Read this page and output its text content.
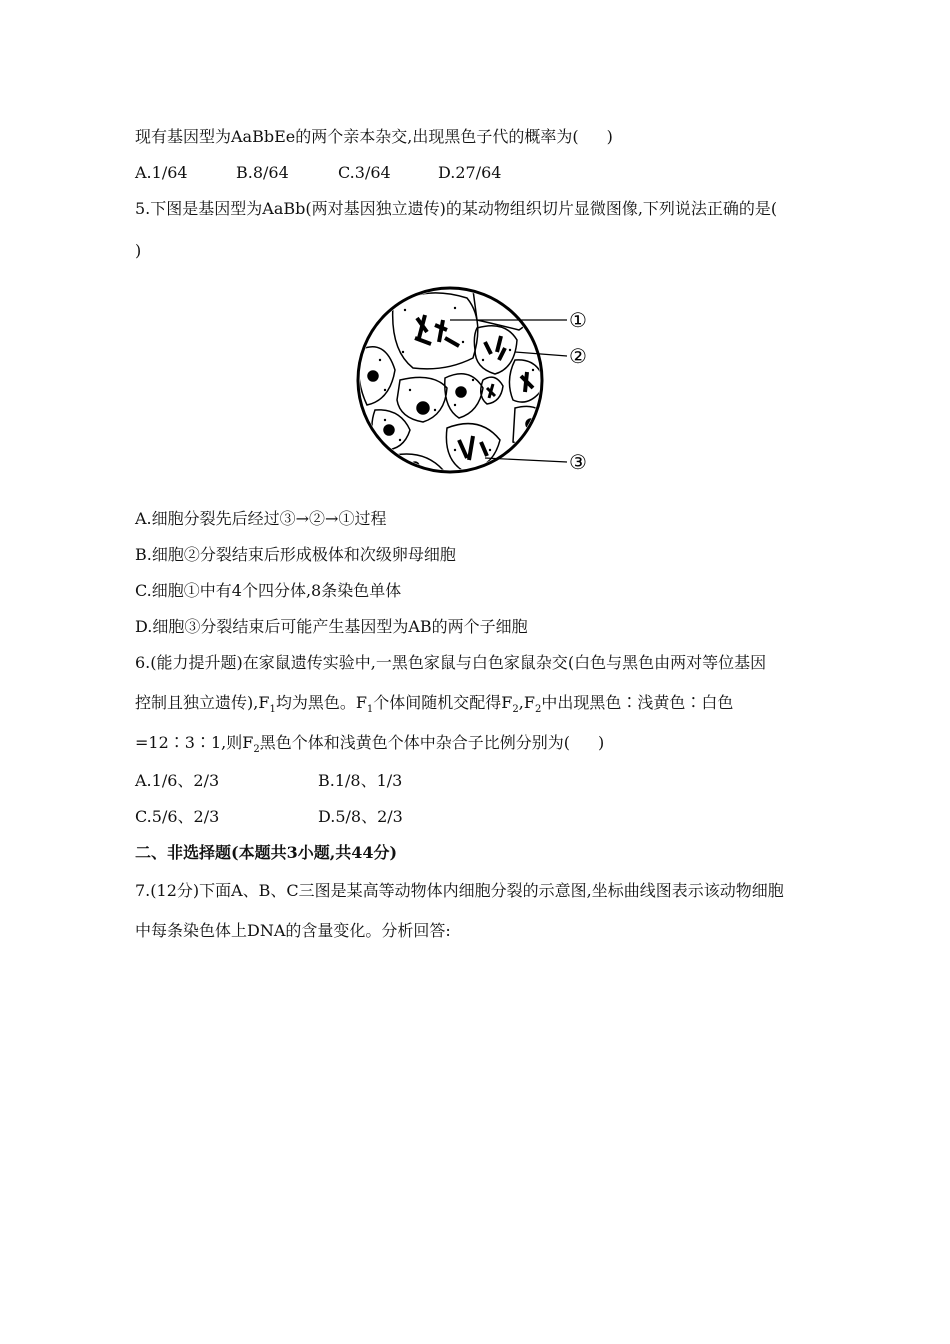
现有基因型为AaBbEe的两个亲本杂交,出现黑色子代的概率为( )
A.1/64	B.8/64	C.3/64	D.27/64
5.下图是基因型为AaBb(两对基因独立遗传)的某动物组织切片显微图像,下列说法正确的是(
)
①
②
③
A.细胞分裂先后经过③→②→①过程
B.细胞②分裂结束后形成极体和次级卵母细胞
C.细胞①中有4个四分体,8条染色单体
D.细胞③分裂结束后可能产生基因型为AB的两个子细胞
6.(能力提升题)在家鼠遗传实验中,一黑色家鼠与白色家鼠杂交(白色与黑色由两对等位基因
控制且独立遗传)$,F_1$均为黑色。$F_1$个体间随机交配得$F_2,F_2$中出现黑色∶浅黄色∶白色
=12∶3∶1,则$F_2$黑色个体和浅黄色个体中杂合子比例分别为( )
A.1/6、2/3	B.1/8、1/3
C.5/6、2/3	D.5/8、2/3
二、非选择题(本题共3小题,共44分)
7.(12分)下面A、B、C三图是某高等动物体内细胞分裂的示意图,坐标曲线图表示该动物细胞
中每条染色体上DNA的含量变化。分析回答:
